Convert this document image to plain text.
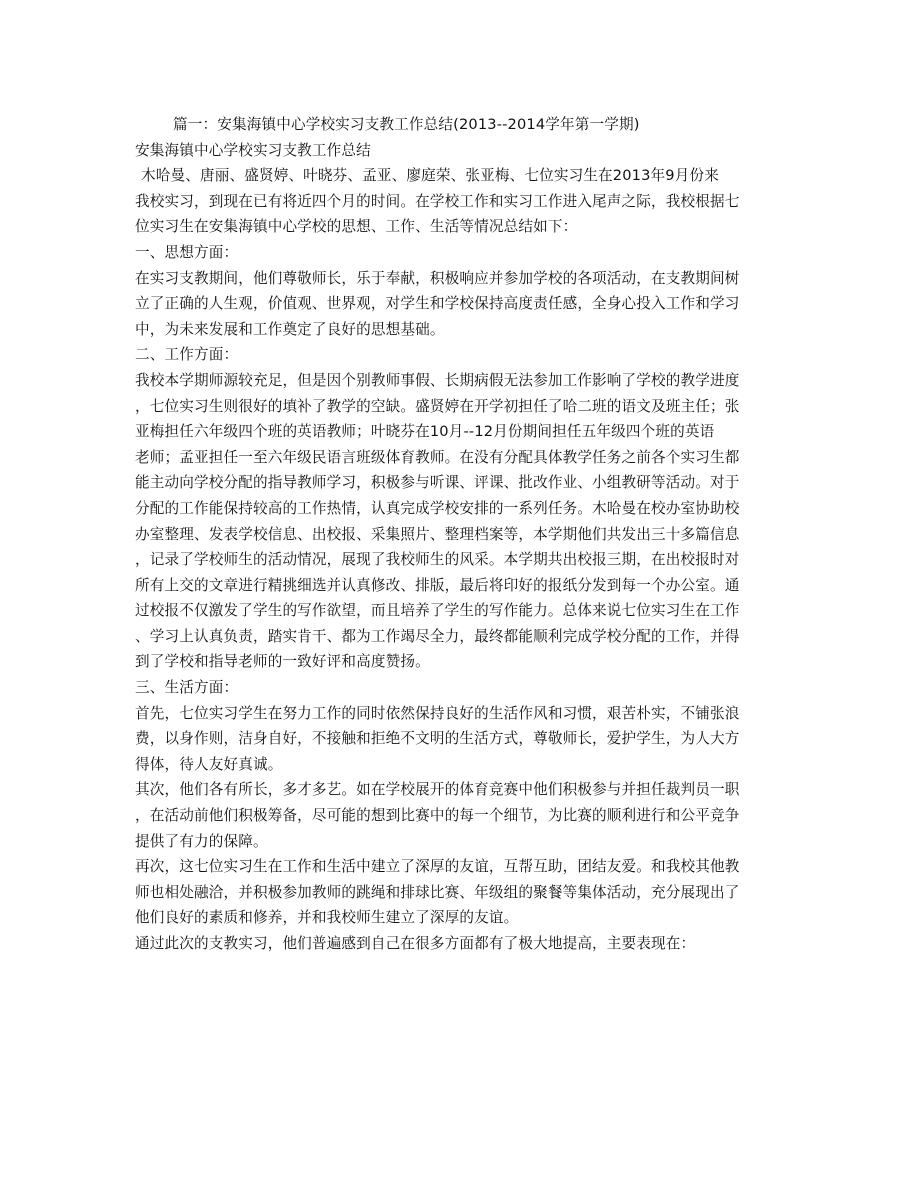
篇一：安集海镇中心学校实习支教工作总结(2013--2014学年第一学期)
安集海镇中心学校实习支教工作总结
木哈曼、唐丽、盛贤婷、叶晓芬、孟亚、廖庭荣、张亚梅、七位实习生在2013年9月份来
我校实习，到现在已有将近四个月的时间。在学校工作和实习工作进入尾声之际，我校根据七
位实习生在安集海镇中心学校的思想、工作、生活等情况总结如下：
一、思想方面：
在实习支教期间，他们尊敬师长，乐于奉献，积极响应并参加学校的各项活动，在支教期间树
立了正确的人生观，价值观、世界观，对学生和学校保持高度责任感，全身心投入工作和学习
中，为未来发展和工作奠定了良好的思想基础。
二、工作方面：
我校本学期师源较充足，但是因个别教师事假、长期病假无法参加工作影响了学校的教学进度
，七位实习生则很好的填补了教学的空缺。盛贤婷在开学初担任了哈二班的语文及班主任；张
亚梅担任六年级四个班的英语教师；叶晓芬在10月--12月份期间担任五年级四个班的英语
老师；孟亚担任一至六年级民语言班级体育教师。在没有分配具体教学任务之前各个实习生都
能主动向学校分配的指导教师学习，积极参与听课、评课、批改作业、小组教研等活动。对于
分配的工作能保持较高的工作热情，认真完成学校安排的一系列任务。木哈曼在校办室协助校
办室整理、发表学校信息、出校报、采集照片、整理档案等，本学期他们共发出三十多篇信息
，记录了学校师生的活动情况，展现了我校师生的风采。本学期共出校报三期，在出校报时对
所有上交的文章进行精挑细选并认真修改、排版，最后将印好的报纸分发到每一个办公室。通
过校报不仅激发了学生的写作欲望，而且培养了学生的写作能力。总体来说七位实习生在工作
、学习上认真负责，踏实肯干、都为工作竭尽全力，最终都能顺利完成学校分配的工作，并得
到了学校和指导老师的一致好评和高度赞扬。
三、生活方面：
首先，七位实习学生在努力工作的同时依然保持良好的生活作风和习惯，艰苦朴实，不铺张浪
费，以身作则，洁身自好，不接触和拒绝不文明的生活方式，尊敬师长，爱护学生，为人大方
得体，待人友好真诚。
其次，他们各有所长，多才多艺。如在学校展开的体育竞赛中他们积极参与并担任裁判员一职
，在活动前他们积极筹备，尽可能的想到比赛中的每一个细节，为比赛的顺利进行和公平竞争
提供了有力的保障。
再次，这七位实习生在工作和生活中建立了深厚的友谊，互帮互助，团结友爱。和我校其他教
师也相处融洽，并积极参加教师的跳绳和排球比赛、年级组的聚餐等集体活动，充分展现出了
他们良好的素质和修养，并和我校师生建立了深厚的友谊。
通过此次的支教实习，他们普遍感到自己在很多方面都有了极大地提高，主要表现在：
